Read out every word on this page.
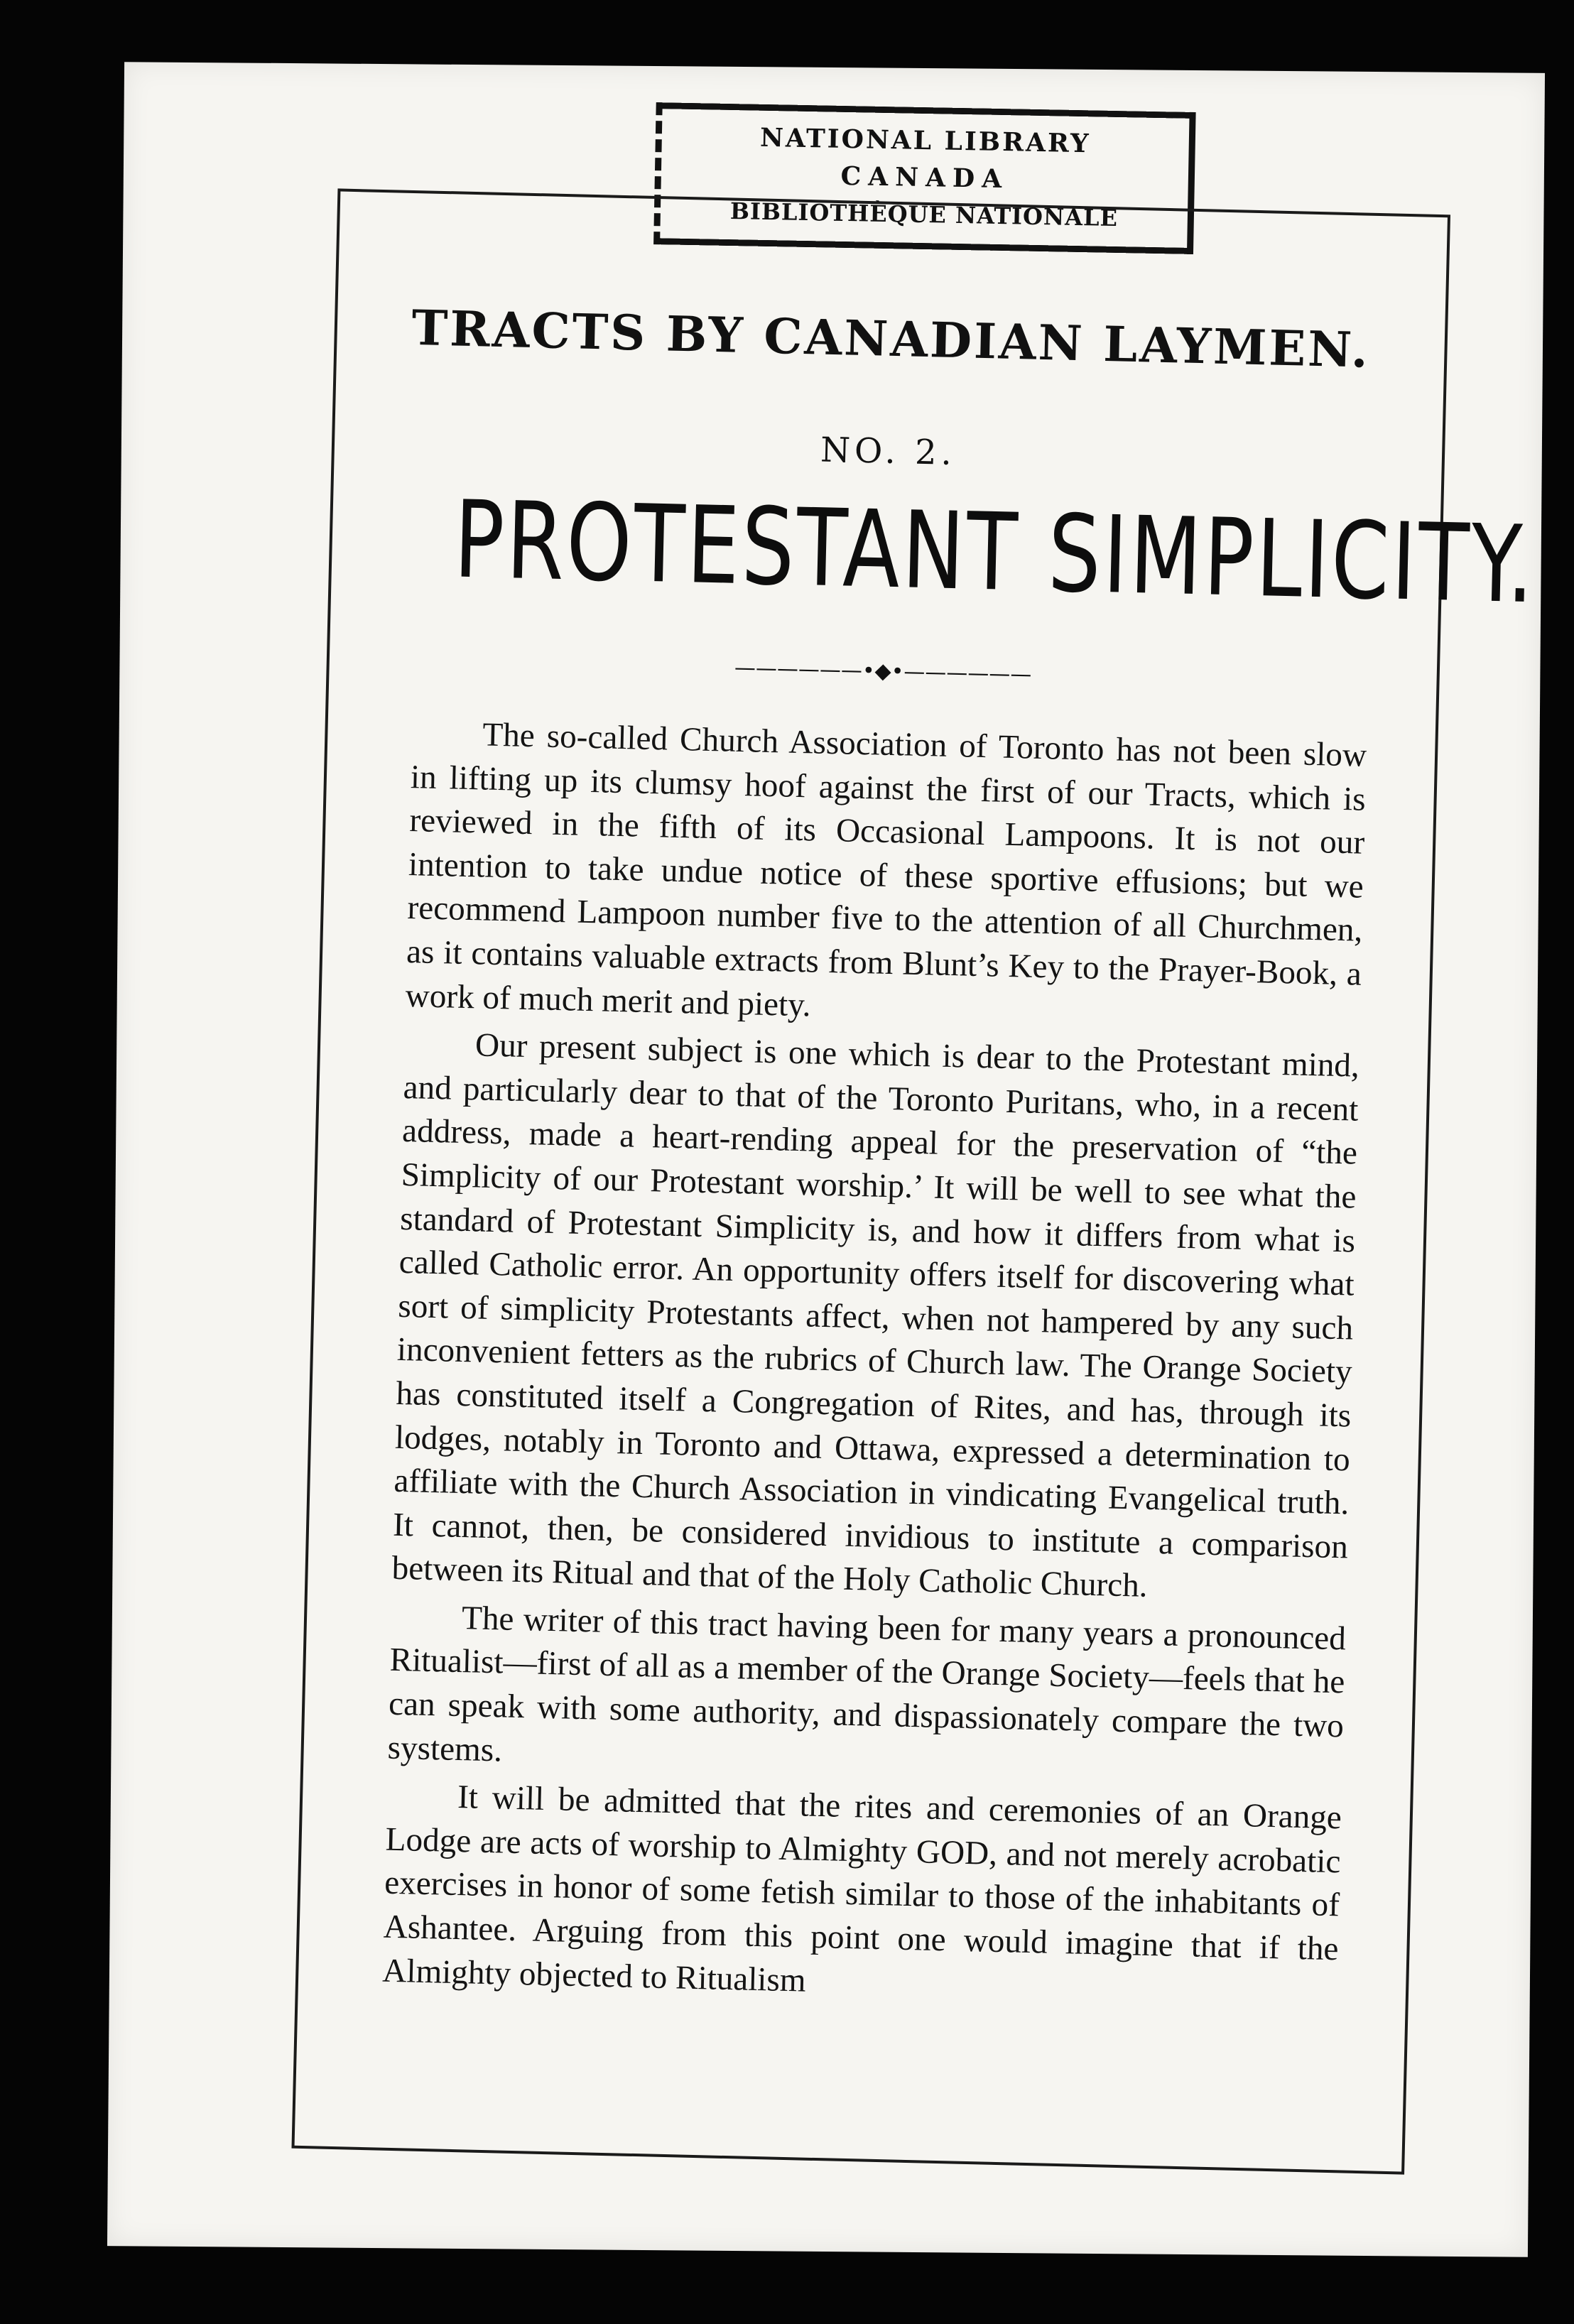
NATIONAL LIBRARY
CANADA
BIBLIOTHÈQUE NATIONALE
TRACTS BY CANADIAN LAYMEN.
NO. 2.
PROTESTANT SIMPLICITY.
——————•◆•——————

The so-called Church Association of Toronto has not been slow in lifting up its clumsy hoof against the first of our Tracts, which is reviewed in the fifth of its Occasional Lampoons. It is not our intention to take undue notice of these sportive effusions; but we recommend Lampoon number five to the attention of all Churchmen, as it contains valuable extracts from Blunt’s Key to the Prayer-Book, a work of much merit and piety.

Our present subject is one which is dear to the Protestant mind, and particularly dear to that of the Toronto Puritans, who, in a recent address, made a heart-rending appeal for the preservation of “the Simplicity of our Protestant worship.’ It will be well to see what the standard of Protestant Simplicity is, and how it differs from what is called Catholic error. An opportunity offers itself for discovering what sort of simplicity Protestants affect, when not hampered by any such inconvenient fetters as the rubrics of Church law. The Orange Society has constituted itself a Congregation of Rites, and has, through its lodges, notably in Toronto and Ottawa, expressed a determination to affiliate with the Church Association in vindicating Evangelical truth. It cannot, then, be considered invidious to institute a comparison between its Ritual and that of the Holy Catholic Church.

The writer of this tract having been for many years a pronounced Ritualist—first of all as a member of the Orange Society—feels that he can speak with some authority, and dispassionately compare the two systems.

It will be admitted that the rites and ceremonies of an Orange Lodge are acts of worship to Almighty GOD, and not merely acrobatic exercises in honor of some fetish similar to those of the inhabitants of Ashantee. Arguing from this point one would imagine that if the Almighty objected to Ritualism
